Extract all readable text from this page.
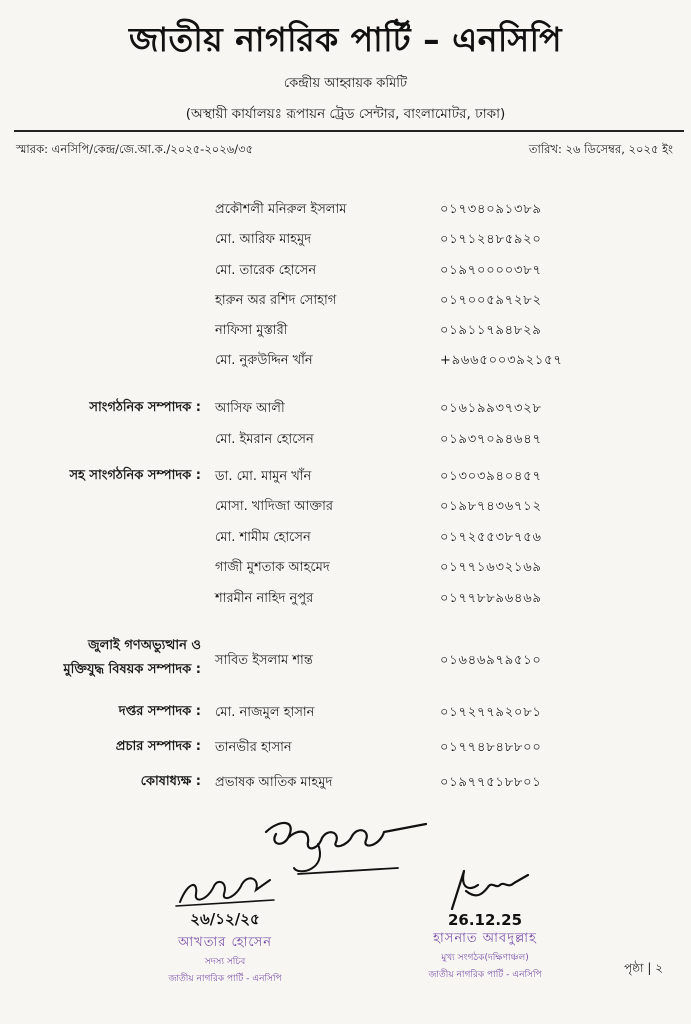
জাতীয় নাগরিক পার্টি – এনসিপি
কেন্দ্রীয় আহ্বায়ক কমিটি
(অস্থায়ী কার্যালয়ঃ রূপায়ন ট্রেড সেন্টার, বাংলামোটর, ঢাকা)
স্মারক: এনসিপি/কেন্দ্র/জে.আ.ক./২০২৫-২০২৬/৩৫	তারিখ: ২৬ ডিসেম্বর, ২০২৫ ইং
প্রকৌশলী মনিরুল ইসলাম	০১৭৩৪০৯১৩৮৯
মো. আরিফ মাহমুদ	০১৭১২৪৮৫৯২০
মো. তারেক হোসেন	০১৯৭০০০০৩৮৭
হারুন অর রশিদ সোহাগ	০১৭০০৫৯৭২৮২
নাফিসা মুস্তারী	০১৯১১৭৯৪৮২৯
মো. নুরুউদ্দিন খাঁন	+৯৬৬৫০০৩৯২১৫৭
সাংগঠনিক সম্পাদক : আসিফ আলী	০১৬১৯৯৩৭৩২৮
মো. ইমরান হোসেন	০১৯৩৭০৯৪৬৪৭
সহ সাংগঠনিক সম্পাদক : ডা. মো. মামুন খাঁন	০১৩০৩৯৪০৪৫৭
মোসা. খাদিজা আক্তার	০১৯৮৭৪৩৬৭১২
মো. শামীম হোসেন	০১৭২৫৫৩৮৭৫৬
গাজী মুশতাক আহমেদ	০১৭৭১৬৩২১৬৯
শারমীন নাহিদ নুপুর	০১৭৭৮৮৯৬৪৬৯
জুলাই গণঅভ্যুত্থান ও
মুক্তিযুদ্ধ বিষয়ক সম্পাদক :
সাবিত ইসলাম শান্ত	০১৬৪৬৯৭৯৫১০
দপ্তর সম্পাদক : মো. নাজমুল হাসান	০১৭২৭৭৯২০৮১
প্রচার সম্পাদক : তানভীর হাসান	০১৭৭৪৮৪৮৮০০
কোষাধ্যক্ষ : প্রভাষক আতিক মাহমুদ	০১৯৭৭৫১৮৮০১
২৬/১২/২৫
আখতার হোসেন
সদস্য সচিব
জাতীয় নাগরিক পার্টি - এনসিপি
26.12.25
হাসনাত আবদুল্লাহ
মুখ্য সংগঠক(দক্ষিণাঞ্চল)
জাতীয় নাগরিক পার্টি - এনসিপি	পৃষ্ঠা | ২
